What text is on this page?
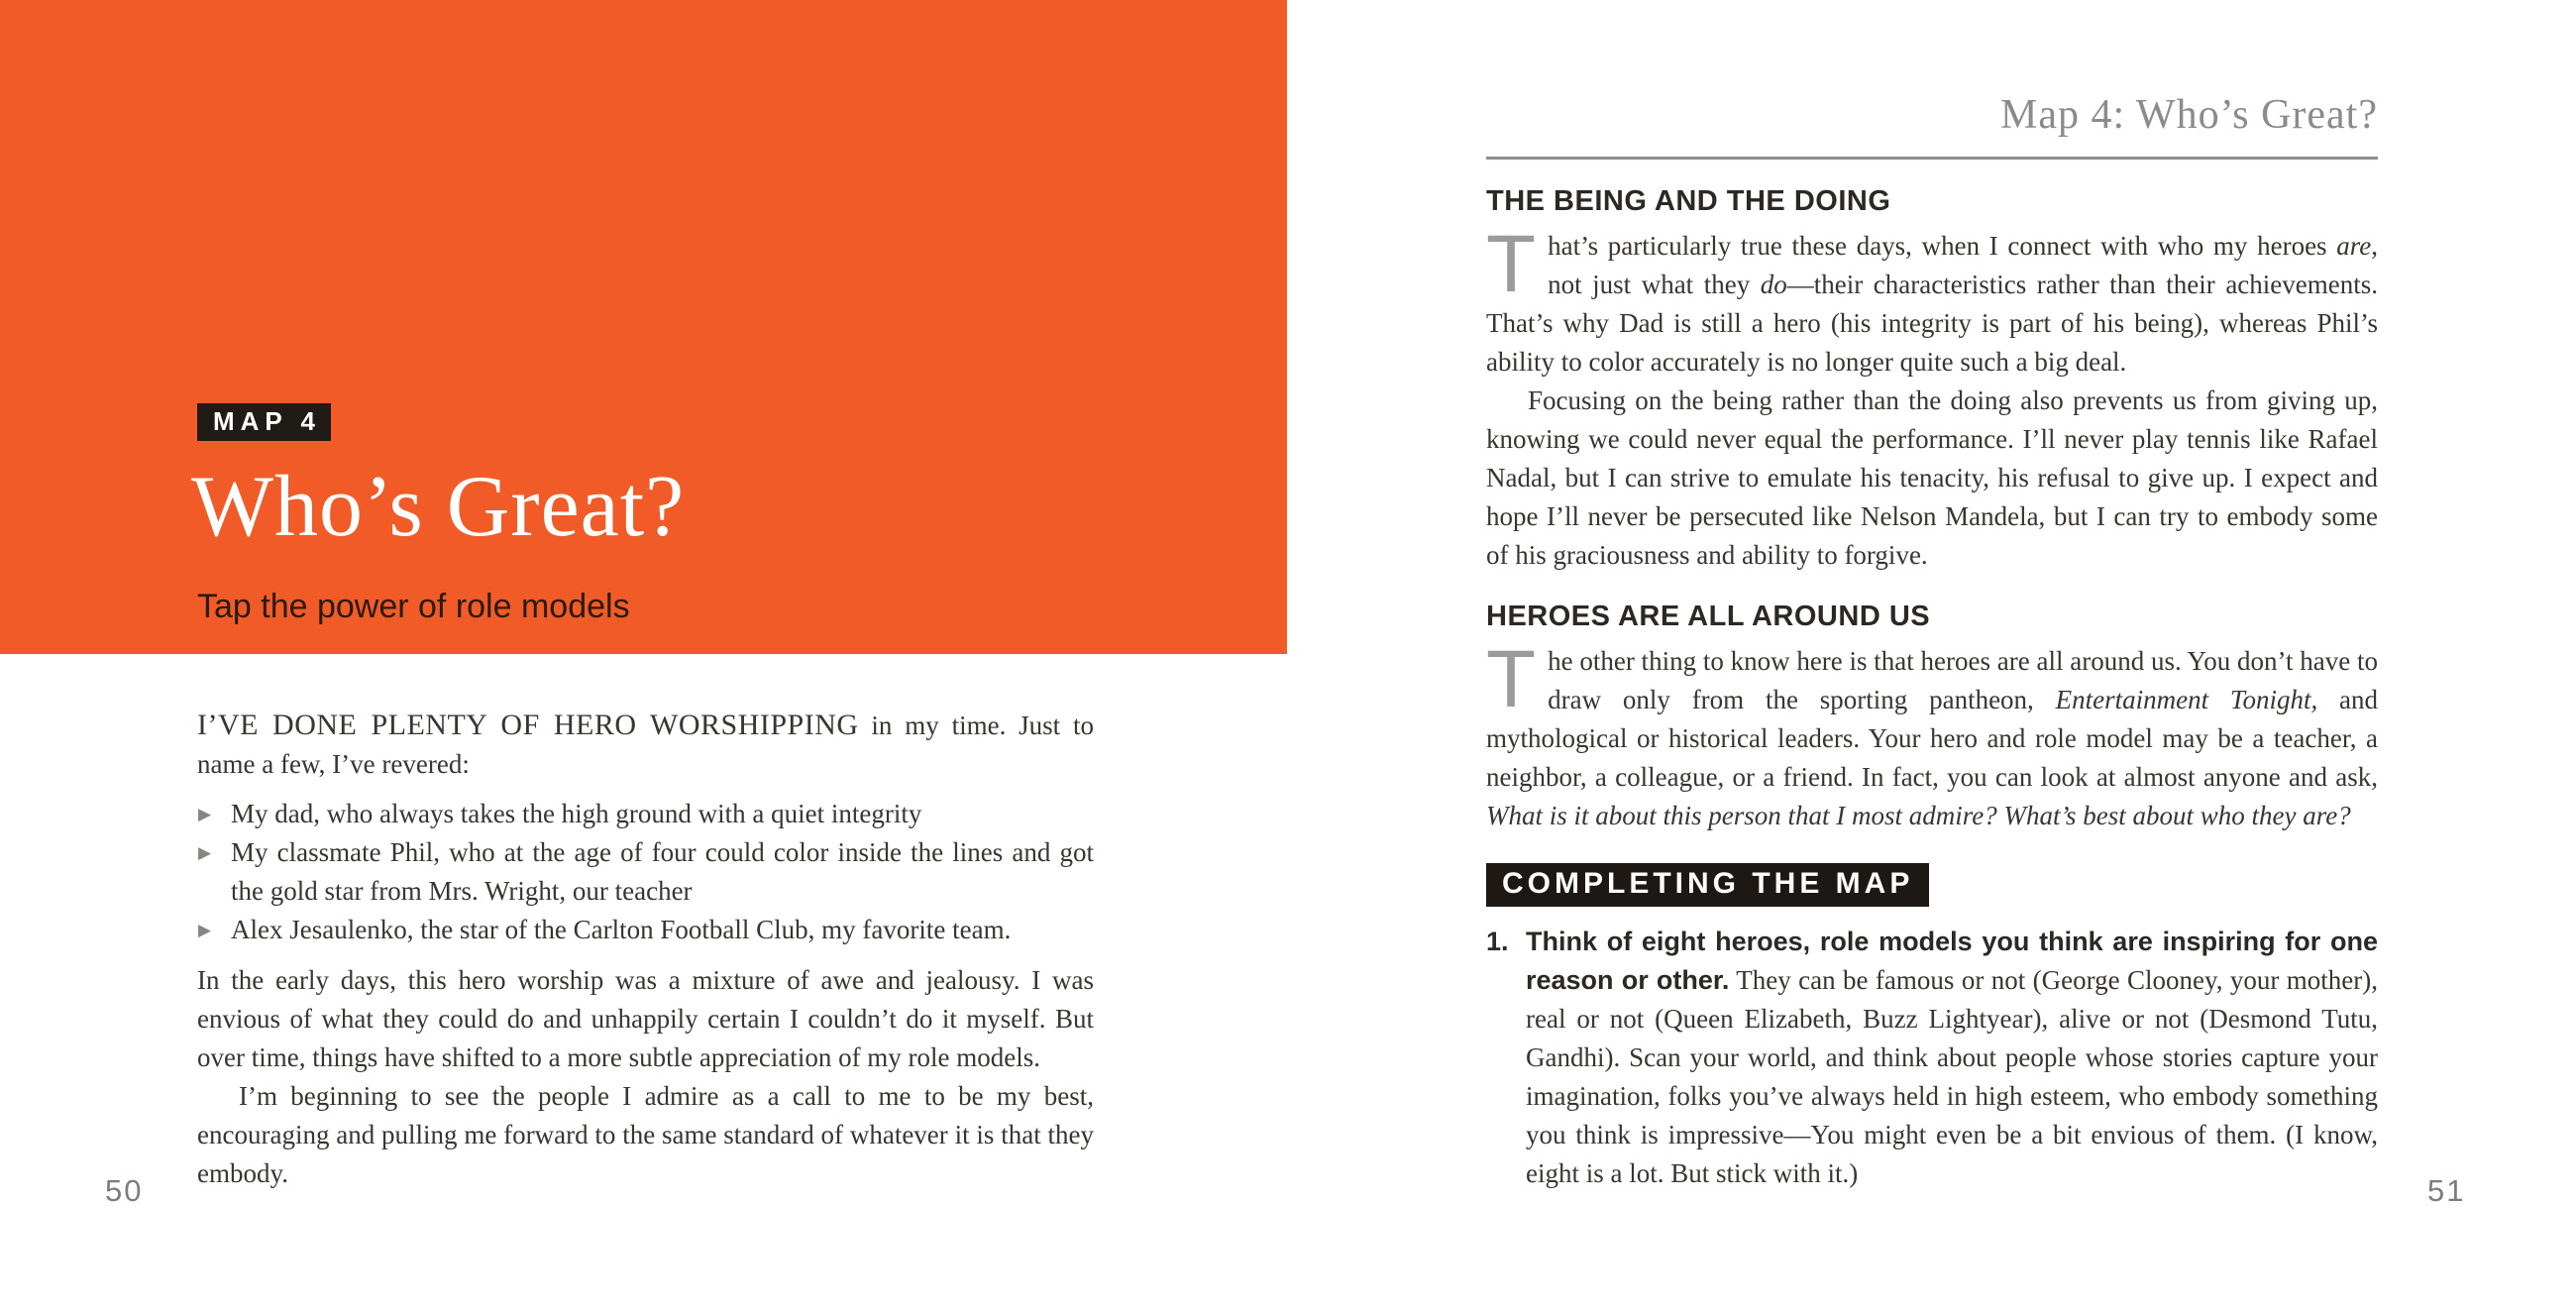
MAP 4
Who’s Great?

Tap the power of role models

I’VE DONE PLENTY OF HERO WORSHIPPING in my time. Just to name a few, I’ve revered:

▶ My dad, who always takes the high ground with a quiet integrity
▶ My classmate Phil, who at the age of four could color inside the lines and got the gold star from Mrs. Wright, our teacher
▶ Alex Jesaulenko, the star of the Carlton Football Club, my favorite team.

In the early days, this hero worship was a mixture of awe and jealousy. I was envious of what they could do and unhappily certain I couldn’t do it myself. But over time, things have shifted to a more subtle appreciation of my role models.

I’m beginning to see the people I admire as a call to me to be my best, encouraging and pulling me forward to the same standard of whatever it is that they embody.

50
Map 4: Who’s Great?
THE BEING AND THE DOING

That’s particularly true these days, when I connect with who my heroes are, not just what they do—their characteristics rather than their achievements. That’s why Dad is still a hero (his integrity is part of his being), whereas Phil’s ability to color accurately is no longer quite such a big deal.

Focusing on the being rather than the doing also prevents us from giving up, knowing we could never equal the performance. I’ll never play tennis like Rafael Nadal, but I can strive to emulate his tenacity, his refusal to give up. I expect and hope I’ll never be persecuted like Nelson Mandela, but I can try to embody some of his graciousness and ability to forgive.

HEROES ARE ALL AROUND US

The other thing to know here is that heroes are all around us. You don’t have to draw only from the sporting pantheon, Entertainment Tonight, and mythological or historical leaders. Your hero and role model may be a teacher, a neighbor, a colleague, or a friend. In fact, you can look at almost anyone and ask, What is it about this person that I most admire? What’s best about who they are?

COMPLETING THE MAP
1. Think of eight heroes, role models you think are inspiring for one reason or other. They can be famous or not (George Clooney, your mother), real or not (Queen Elizabeth, Buzz Lightyear), alive or not (Desmond Tutu, Gandhi). Scan your world, and think about people whose stories capture your imagination, folks you’ve always held in high esteem, who embody something you think is impressive—You might even be a bit envious of them. (I know, eight is a lot. But stick with it.)	51
